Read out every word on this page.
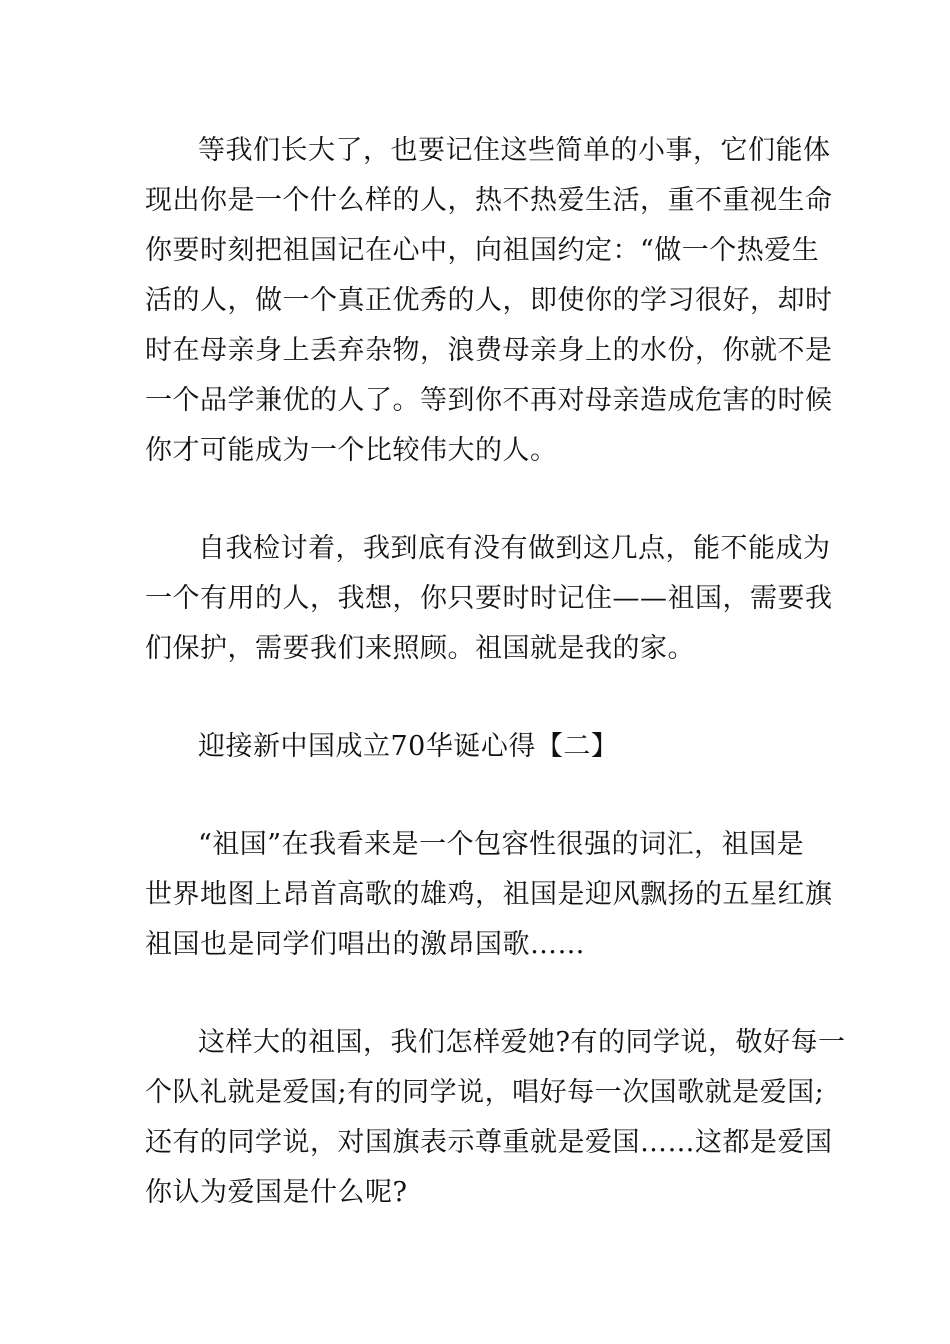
等我们长大了，也要记住这些简单的小事，它们能体
现出你是一个什么样的人，热不热爱生活，重不重视生命
你要时刻把祖国记在心中，向祖国约定：“做一个热爱生
活的人，做一个真正优秀的人，即使你的学习很好，却时
时在母亲身上丢弃杂物，浪费母亲身上的水份，你就不是
一个品学兼优的人了。等到你不再对母亲造成危害的时候
你才可能成为一个比较伟大的人。
自我检讨着，我到底有没有做到这几点，能不能成为
一个有用的人，我想，你只要时时记住——祖国，需要我
们保护，需要我们来照顾。祖国就是我的家。
迎接新中国成立70华诞心得【二】
“祖国”在我看来是一个包容性很强的词汇，祖国是
世界地图上昂首高歌的雄鸡，祖国是迎风飘扬的五星红旗
祖国也是同学们唱出的激昂国歌……
这样大的祖国，我们怎样爱她?有的同学说，敬好每一
个队礼就是爱国;有的同学说，唱好每一次国歌就是爱国;
还有的同学说，对国旗表示尊重就是爱国……这都是爱国
你认为爱国是什么呢?
